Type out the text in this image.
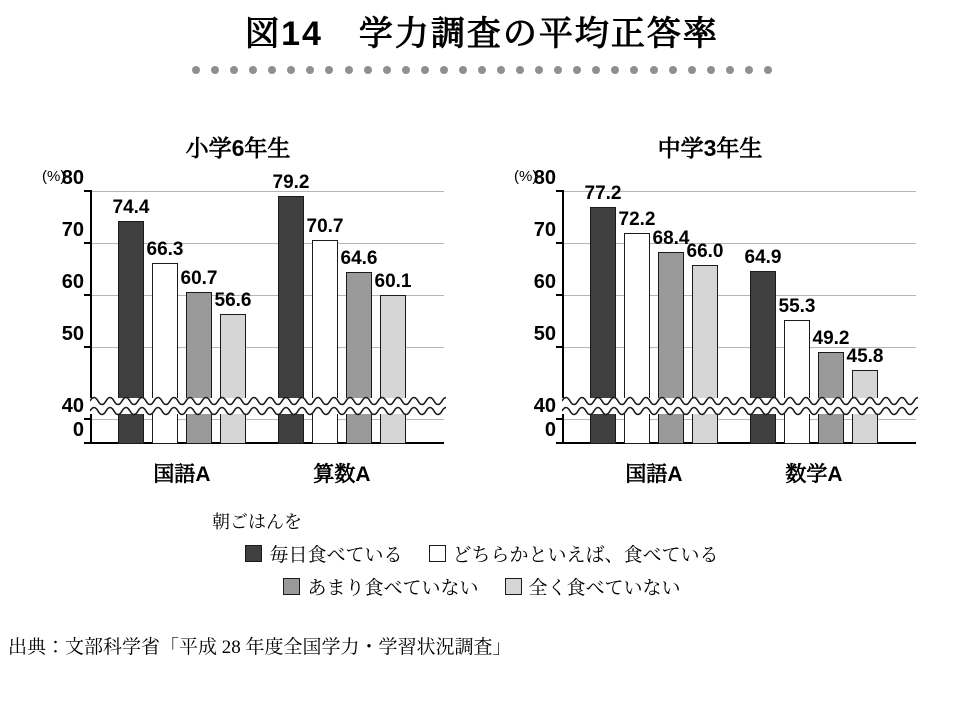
図14　学力調査の平均正答率
小学6年生
(%)
0
40
50
60
70
80
74.4
66.3
60.7
56.6
国語A
79.2
70.7
64.6
60.1
算数A
中学3年生
(%)
0
40
50
60
70
80
77.2
72.2
68.4
66.0
国語A
64.9
55.3
49.2
45.8
数学A
朝ごはんを
毎日食べている	どちらかといえば、食べている
あまり食べていない	全く食べていない
出典：文部科学省「平成 28 年度全国学力・学習状況調査」
